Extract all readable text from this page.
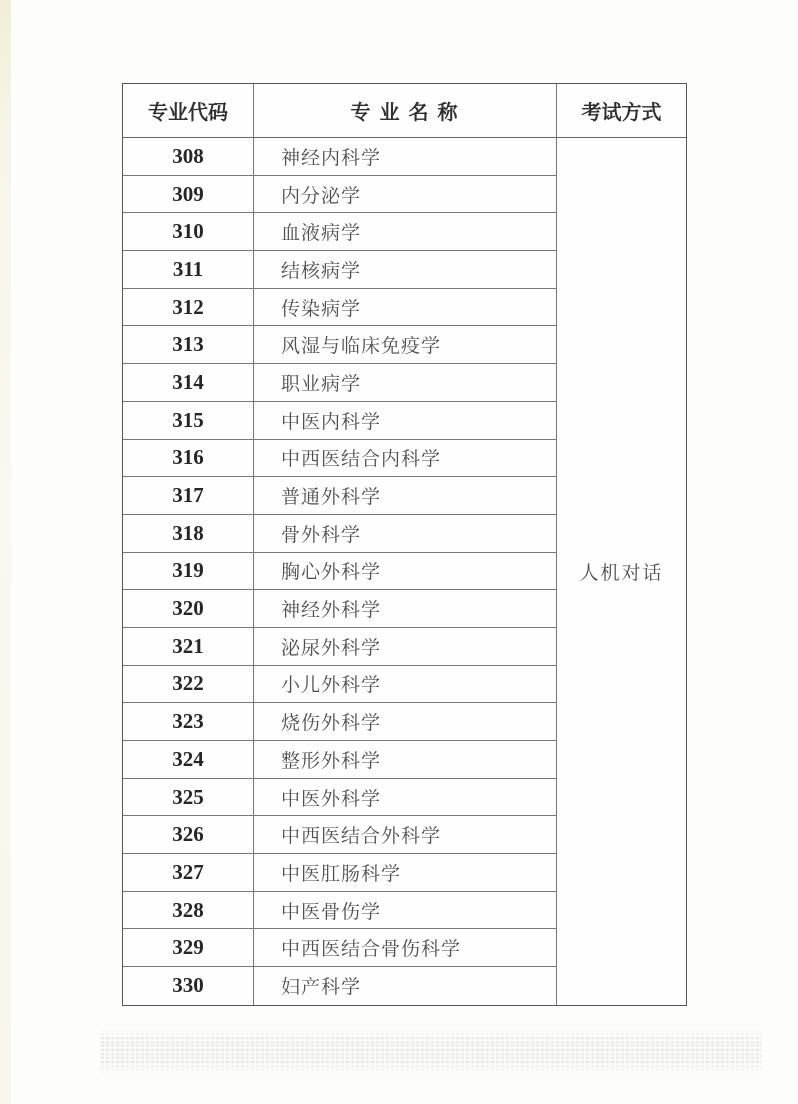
专业代码	专 业 名 称	考试方式
人机对话
308	神经内科学
309	内分泌学
310	血液病学
311	结核病学
312	传染病学
313	风湿与临床免疫学
314	职业病学
315	中医内科学
316	中西医结合内科学
317	普通外科学
318	骨外科学
319	胸心外科学
320	神经外科学
321	泌尿外科学
322	小儿外科学
323	烧伤外科学
324	整形外科学
325	中医外科学
326	中西医结合外科学
327	中医肛肠科学
328	中医骨伤学
329	中西医结合骨伤科学
330	妇产科学
